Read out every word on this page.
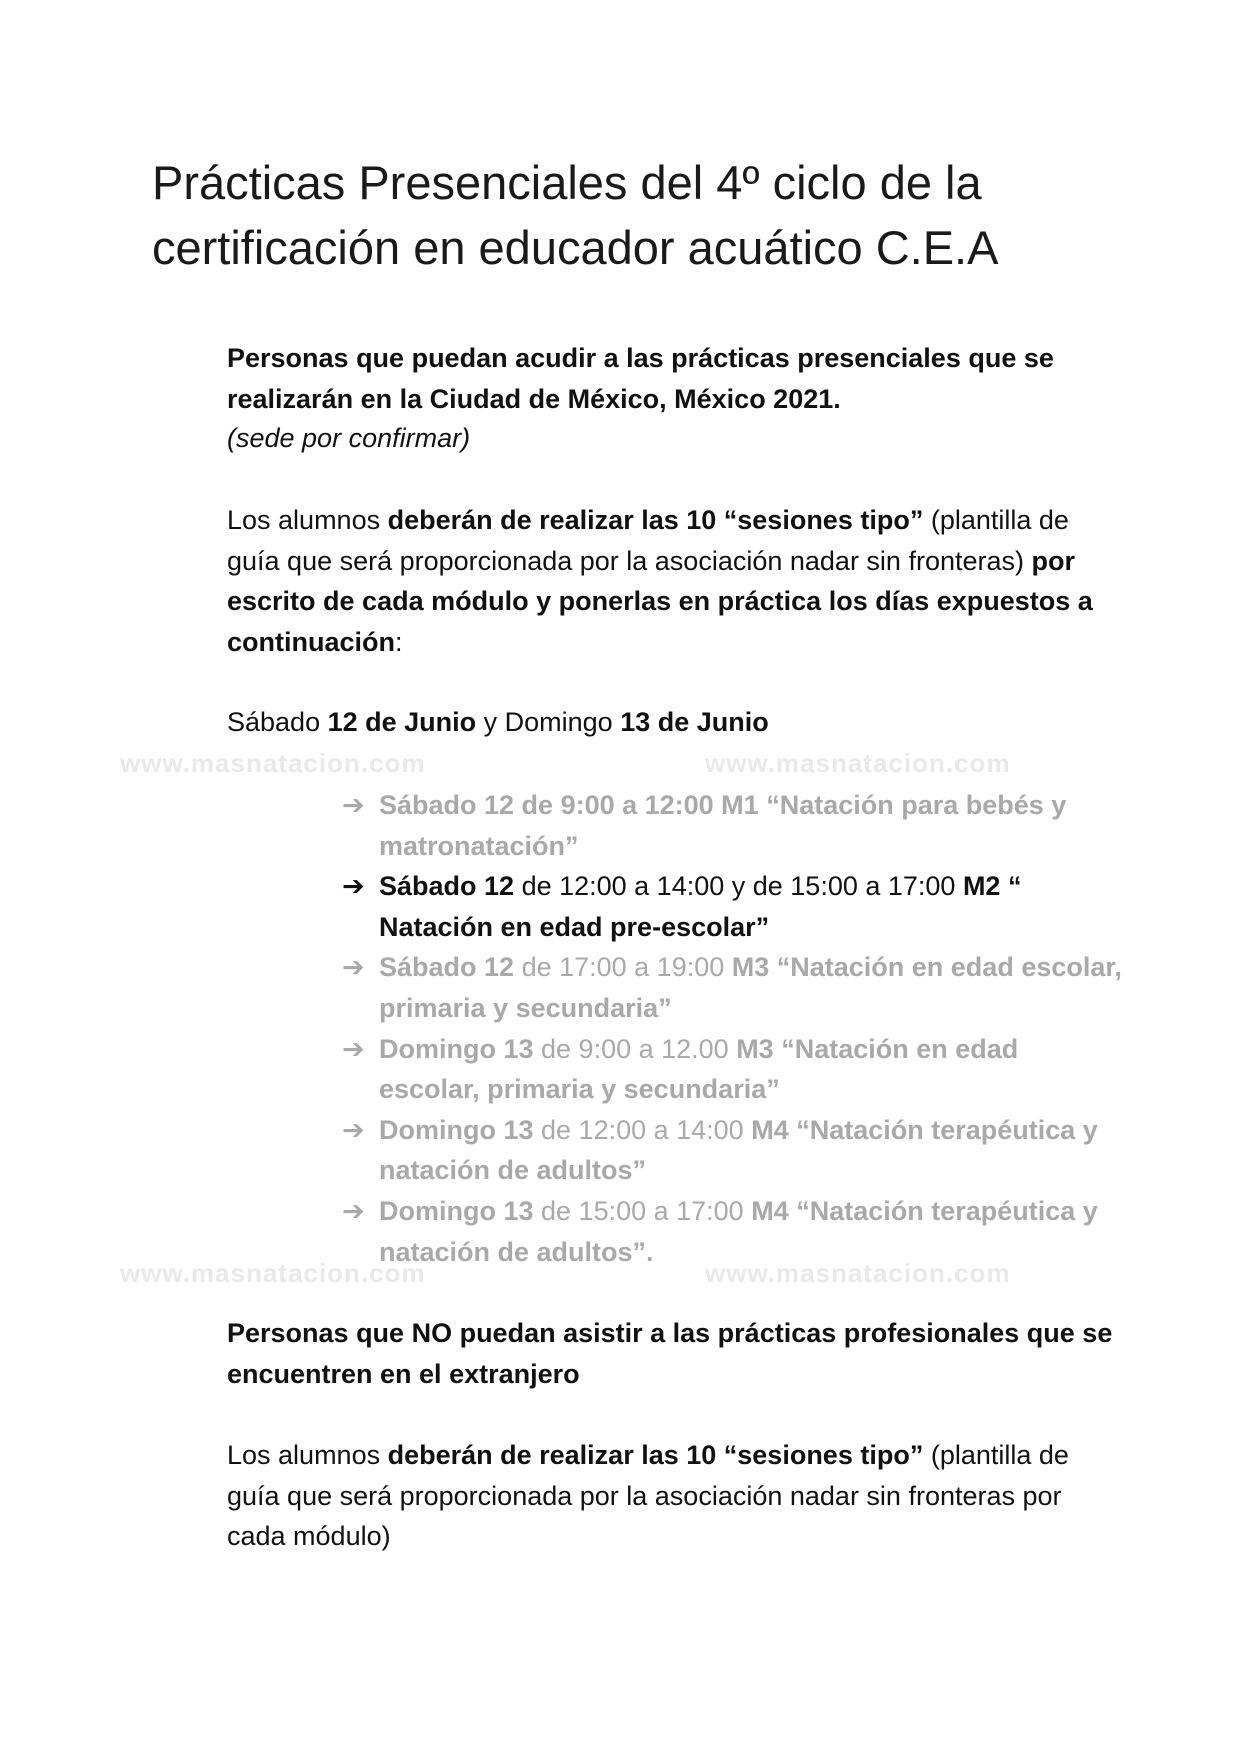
Prácticas Presenciales del 4º ciclo de la certificación en educador acuático C.E.A
www.masnatacion.com	www.masnatacion.com
www.masnatacion.com	www.masnatacion.com

Personas que puedan acudir a las prácticas presenciales que se realizarán en la Ciudad de México, México 2021.

(sede por confirmar)

Los alumnos deberán de realizar las 10 “sesiones tipo” (plantilla de guía que será proporcionada por la asociación nadar sin fronteras) por escrito de cada módulo y ponerlas en práctica los días expuestos a continuación:

Sábado 12 de Junio y Domingo 13 de Junio

➔ Sábado 12 de 9:00 a 12:00 M1 “Natación para bebés y matronatación”
➔ Sábado 12 de 12:00 a 14:00 y de 15:00 a 17:00 M2 “ Natación en edad pre-escolar”
➔ Sábado 12 de 17:00 a 19:00 M3 “Natación en edad escolar, primaria y secundaria”
➔ Domingo 13 de 9:00 a 12.00 M3 “Natación en edad escolar, primaria y secundaria”
➔ Domingo 13 de 12:00 a 14:00 M4 “Natación terapéutica y natación de adultos”
➔ Domingo 13 de 15:00 a 17:00 M4 “Natación terapéutica y natación de adultos”.

Personas que NO puedan asistir a las prácticas profesionales que se encuentren en el extranjero

Los alumnos deberán de realizar las 10 “sesiones tipo” (plantilla de guía que será proporcionada por la asociación nadar sin fronteras por cada módulo)
